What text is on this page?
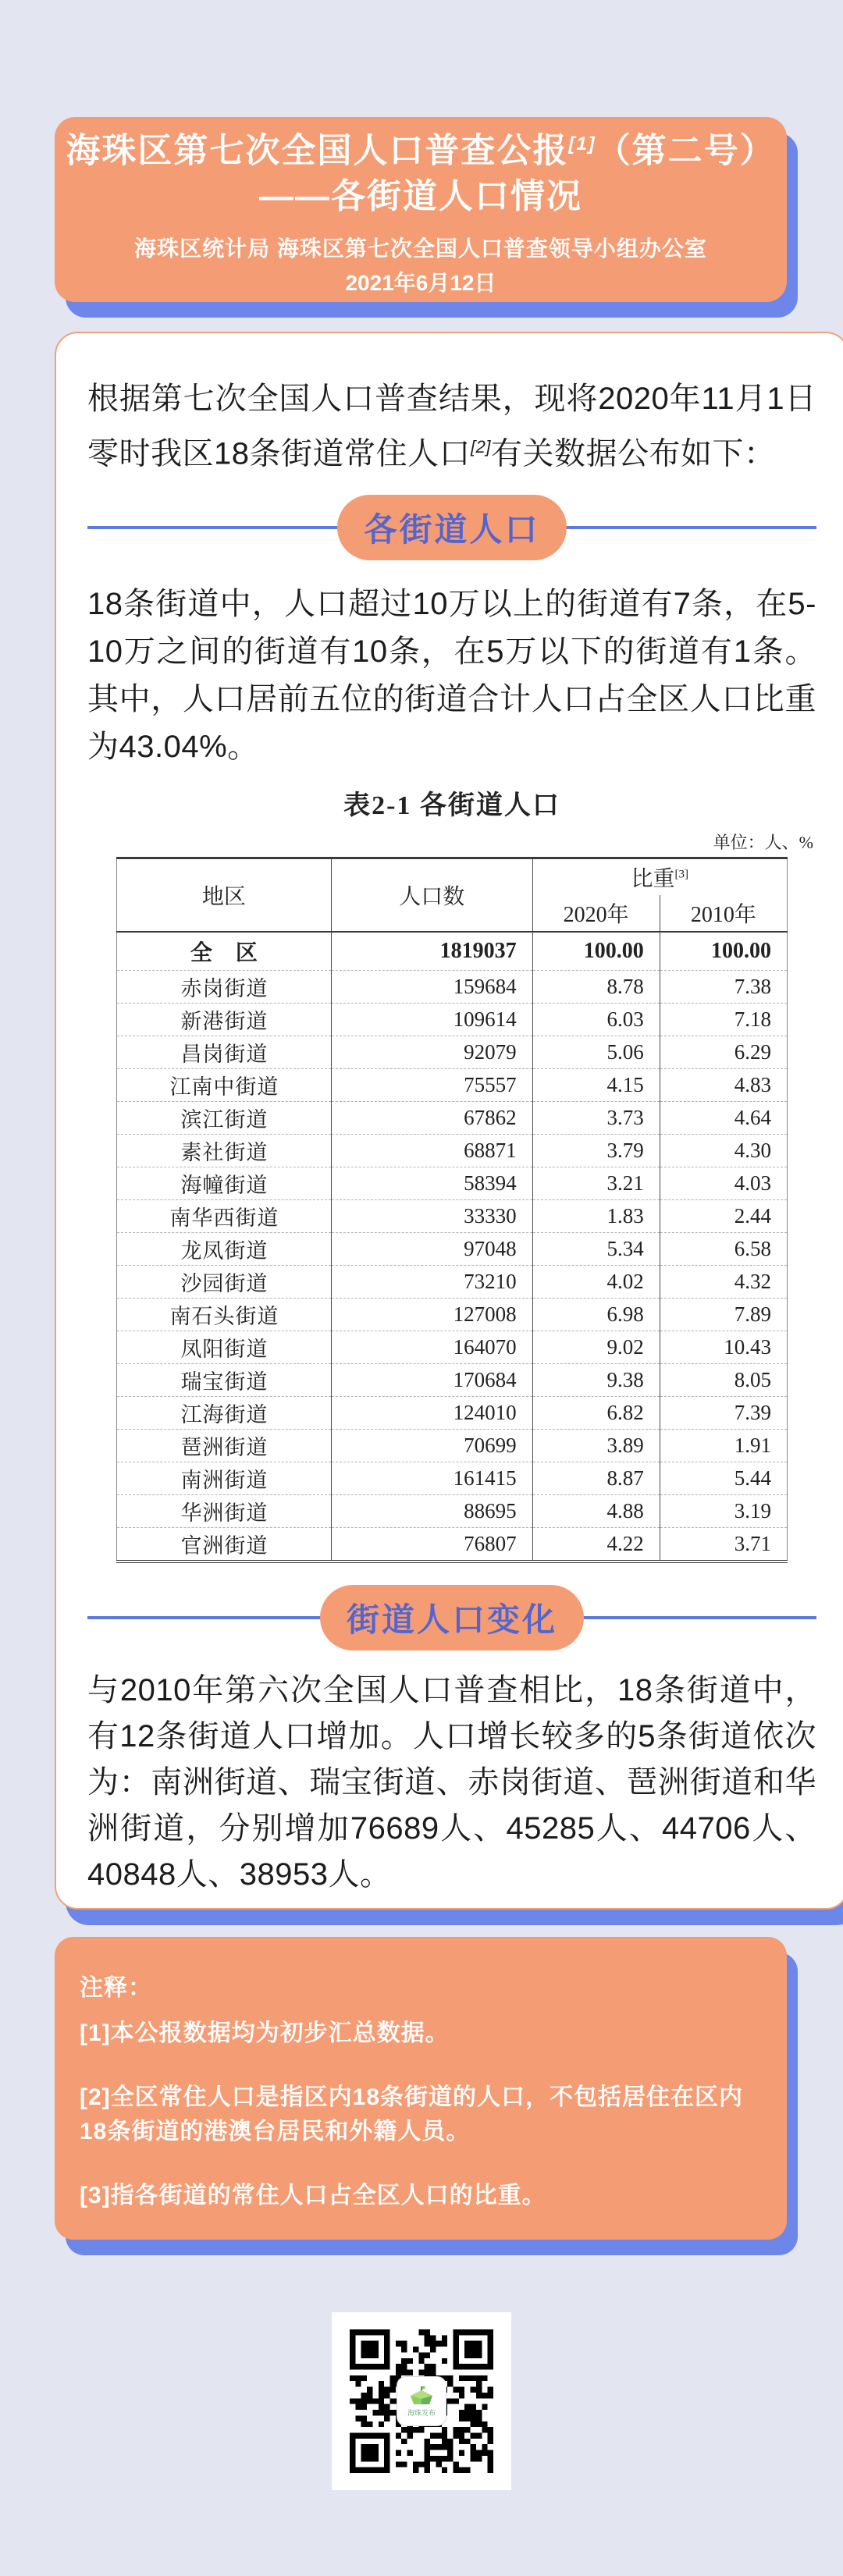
海珠区第七次全国人口普查公报[1]（第二号）
——各街道人口情况
海珠区统计局 海珠区第七次全国人口普查领导小组办公室
2021年6月12日
根据第七次全国人口普查结果，现将2020年11月1日零时我区18条街道常住人口[2]有关数据公布如下：
各街道人口
18条街道中，人口超过10万以上的街道有7条，在5-10万之间的街道有10条，在5万以下的街道有1条。其中，人口居前五位的街道合计人口占全区人口比重为43.04%。
表2-1 各街道人口
单位：人、%
地区	人口数	比重[3]
		2020年	2010年
全　区	1819037	100.00	100.00
赤岗街道	159684	8.78	7.38
新港街道	109614	6.03	7.18
昌岗街道	92079	5.06	6.29
江南中街道	75557	4.15	4.83
滨江街道	67862	3.73	4.64
素社街道	68871	3.79	4.30
海幢街道	58394	3.21	4.03
南华西街道	33330	1.83	2.44
龙凤街道	97048	5.34	6.58
沙园街道	73210	4.02	4.32
南石头街道	127008	6.98	7.89
凤阳街道	164070	9.02	10.43
瑞宝街道	170684	9.38	8.05
江海街道	124010	6.82	7.39
琶洲街道	70699	3.89	1.91
南洲街道	161415	8.87	5.44
华洲街道	88695	4.88	3.19
官洲街道	76807	4.22	3.71
街道人口变化
与2010年第六次全国人口普查相比，18条街道中，有12条街道人口增加。人口增长较多的5条街道依次为：南洲街道、瑞宝街道、赤岗街道、琶洲街道和华洲街道，分别增加76689人、45285人、44706人、40848人、38953人。
注释：
[1]本公报数据均为初步汇总数据。
[2]全区常住人口是指区内18条街道的人口，不包括居住在区内18条街道的港澳台居民和外籍人员。
[3]指各街道的常住人口占全区人口的比重。
海珠发布
